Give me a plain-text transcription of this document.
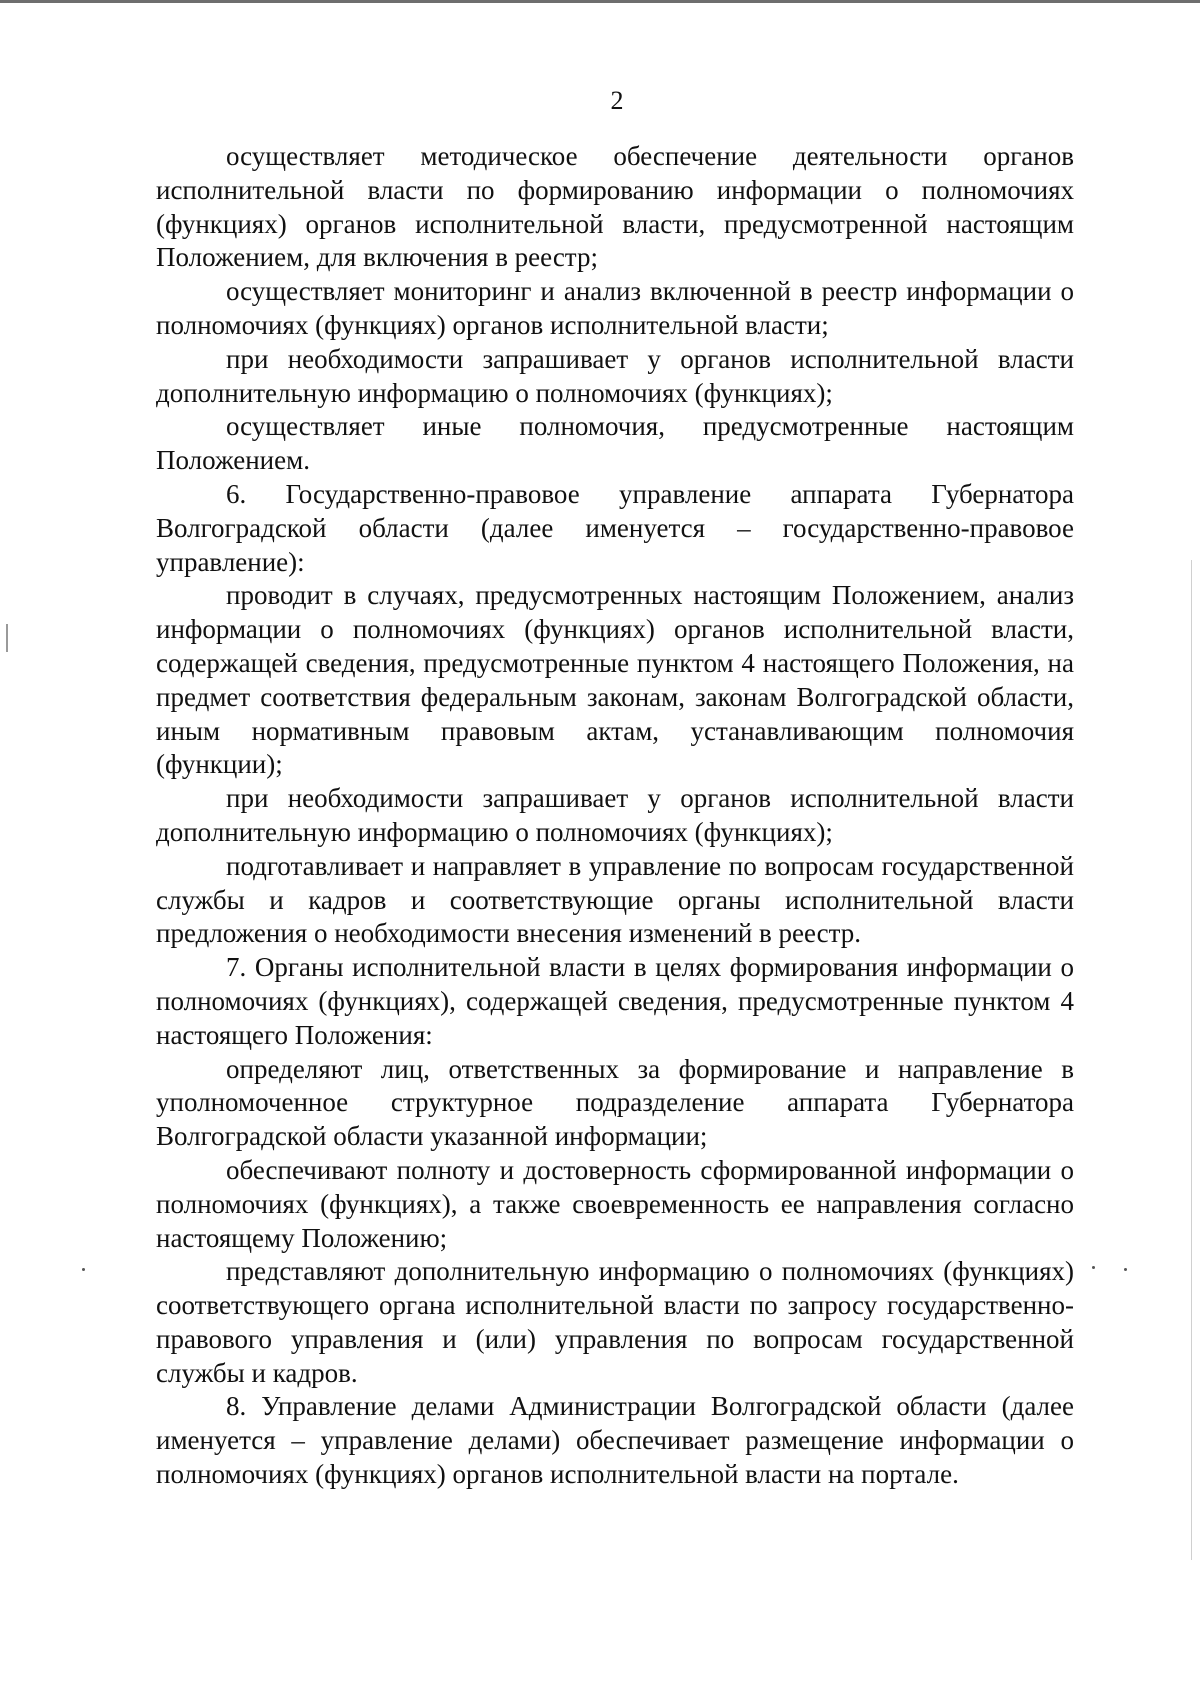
2

осуществляет методическое обеспечение деятельности органов исполнительной власти по формированию информации о полномочиях (функциях) органов исполнительной власти, предусмотренной настоящим Положением, для включения в реестр;

осуществляет мониторинг и анализ включенной в реестр информации о полномочиях (функциях) органов исполнительной власти;

при необходимости запрашивает у органов исполнительной власти дополнительную информацию о полномочиях (функциях);

осуществляет иные полномочия, предусмотренные настоящим Положением.

6. Государственно-правовое управление аппарата Губернатора Волгоградской области (далее именуется – государственно-правовое управление):

проводит в случаях, предусмотренных настоящим Положением, анализ информации о полномочиях (функциях) органов исполнительной власти, содержащей сведения, предусмотренные пунктом 4 настоящего Положения, на предмет соответствия федеральным законам, законам Волгоградской области, иным нормативным правовым актам, устанавливающим полномочия (функции);

при необходимости запрашивает у органов исполнительной власти дополнительную информацию о полномочиях (функциях);

подготавливает и направляет в управление по вопросам государственной службы и кадров и соответствующие органы исполнительной власти предложения о необходимости внесения изменений в реестр.

7. Органы исполнительной власти в целях формирования информации о полномочиях (функциях), содержащей сведения, предусмотренные пунктом 4 настоящего Положения:

определяют лиц, ответственных за формирование и направление в уполномоченное структурное подразделение аппарата Губернатора Волгоградской области указанной информации;

обеспечивают полноту и достоверность сформированной информации о полномочиях (функциях), а также своевременность ее направления согласно настоящему Положению;

представляют дополнительную информацию о полномочиях (функциях) соответствующего органа исполнительной власти по запросу государственно-правового управления и (или) управления по вопросам государственной службы и кадров.

8. Управление делами Администрации Волгоградской области (далее именуется – управление делами) обеспечивает размещение информации о полномочиях (функциях) органов исполнительной власти на портале.
